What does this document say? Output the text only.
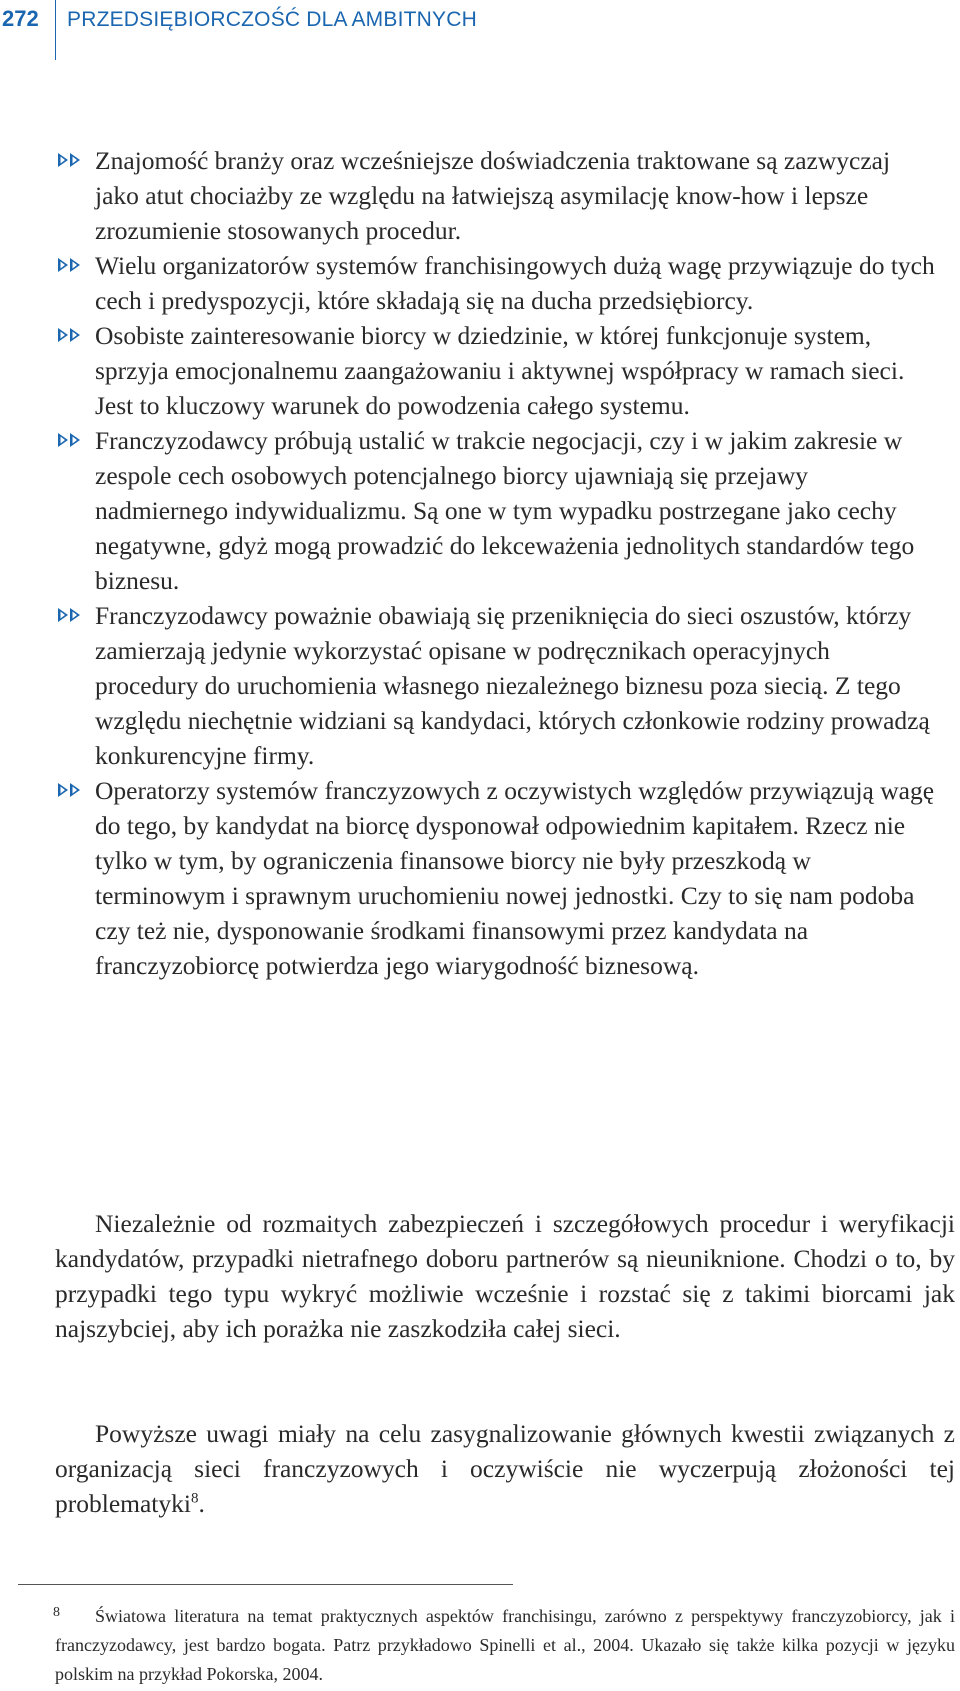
272 PRZEDSIĘBIORCZOŚĆ DLA AMBITNYCH
Znajomość branży oraz wcześniejsze doświadczenia traktowane są zazwyczaj jako atut chociażby ze względu na łatwiejszą asymilację know-how i lepsze zrozumienie stosowanych procedur.
Wielu organizatorów systemów franchisingowych dużą wagę przywiązuje do tych cech i predyspozycji, które składają się na ducha przedsiębiorcy.
Osobiste zainteresowanie biorcy w dziedzinie, w której funkcjonuje system, sprzyja emocjonalnemu zaangażowaniu i aktywnej współpracy w ramach sieci. Jest to kluczowy warunek do powodzenia całego systemu.
Franczyzodawcy próbują ustalić w trakcie negocjacji, czy i w jakim zakresie w zespole cech osobowych potencjalnego biorcy ujawniają się przejawy nadmiernego indywidualizmu. Są one w tym wypadku postrzegane jako cechy negatywne, gdyż mogą prowadzić do lekceważenia jednolitych standardów tego biznesu.
Franczyzodawcy poważnie obawiają się przeniknięcia do sieci oszustów, którzy zamierzają jedynie wykorzystać opisane w podręcznikach operacyjnych procedury do uruchomienia własnego niezależnego biznesu poza siecią. Z tego względu niechętnie widziani są kandydaci, których członkowie rodziny prowadzą konkurencyjne firmy.
Operatorzy systemów franczyzowych z oczywistych względów przywiązują wagę do tego, by kandydat na biorcę dysponował odpowiednim kapitałem. Rzecz nie tylko w tym, by ograniczenia finansowe biorcy nie były przeszkodą w terminowym i sprawnym uruchomieniu nowej jednostki. Czy to się nam podoba czy też nie, dysponowanie środkami finansowymi przez kandydata na franczyzobiorcę potwierdza jego wiarygodność biznesową.

Niezależnie od rozmaitych zabezpieczeń i szczegółowych procedur i weryfikacji kandydatów, przypadki nietrafnego doboru partnerów są nieuniknione. Chodzi o to, by przypadki tego typu wykryć możliwie wcześnie i rozstać się z takimi biorcami jak najszybciej, aby ich porażka nie zaszkodziła całej sieci.

Powyższe uwagi miały na celu zasygnalizowanie głównych kwestii związanych z organizacją sieci franczyzowych i oczywiście nie wyczerpują złożoności tej problematyki$^8$.

8	Światowa literatura na temat praktycznych aspektów franchisingu, zarówno z perspektywy franczyzobiorcy, jak i franczyzodawcy, jest bardzo bogata. Patrz przykładowo Spinelli et al., 2004. Ukazało się także kilka pozycji w języku polskim na przykład Pokorska, 2004.
